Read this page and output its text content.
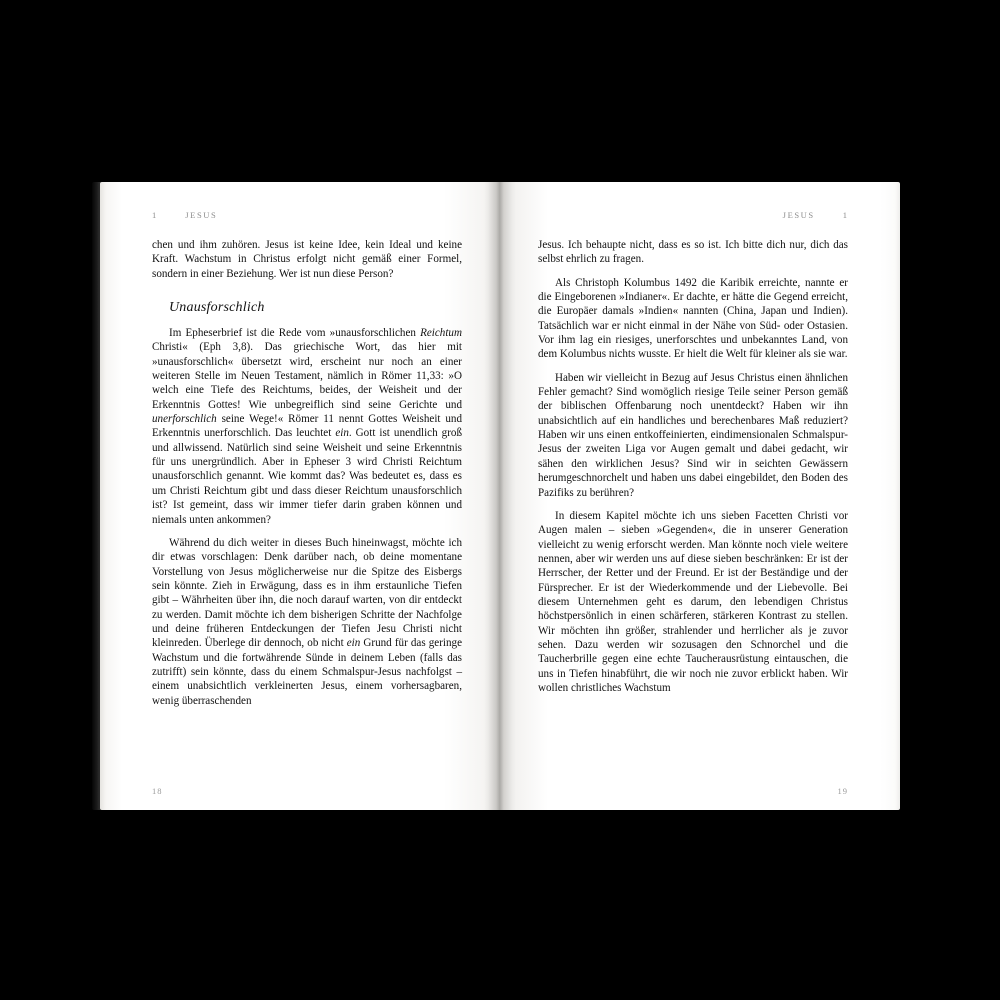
1	JESUS

chen und ihm zuhören. Jesus ist keine Idee, kein Ideal und keine Kraft. Wachstum in Christus erfolgt nicht gemäß einer Formel, sondern in einer Beziehung. Wer ist nun diese Person?

Unausforschlich

Im Epheserbrief ist die Rede vom »unausforschlichen Reichtum Christi« (Eph 3,8). Das griechische Wort, das hier mit »unausforschlich« übersetzt wird, erscheint nur noch an einer weiteren Stelle im Neuen Testament, nämlich in Römer 11,33: »O welch eine Tiefe des Reichtums, beides, der Weisheit und der Erkenntnis Gottes! Wie unbegreiflich sind seine Gerichte und unerforschlich seine Wege!« Römer 11 nennt Gottes Weisheit und Erkenntnis unerforschlich. Das leuchtet ein. Gott ist unendlich groß und allwissend. Natürlich sind seine Weisheit und seine Erkenntnis für uns unergründlich. Aber in Epheser 3 wird Christi Reichtum unausforschlich genannt. Wie kommt das? Was bedeutet es, dass es um Christi Reichtum gibt und dass dieser Reichtum unausforschlich ist? Ist gemeint, dass wir immer tiefer darin graben können und niemals unten ankommen?

Während du dich weiter in dieses Buch hineinwagst, möchte ich dir etwas vorschlagen: Denk darüber nach, ob deine momentane Vorstellung von Jesus möglicherweise nur die Spitze des Eisbergs sein könnte. Zieh in Erwägung, dass es in ihm erstaunliche Tiefen gibt – Währheiten über ihn, die noch darauf warten, von dir entdeckt zu werden. Damit möchte ich dem bisherigen Schritte der Nachfolge und deine früheren Entdeckungen der Tiefen Jesu Christi nicht kleinreden. Überlege dir dennoch, ob nicht ein Grund für das geringe Wachstum und die fortwährende Sünde in deinem Leben (falls das zutrifft) sein könnte, dass du einem Schmalspur-Jesus nachfolgst – einem unabsichtlich verkleinerten Jesus, einem vorhersagbaren, wenig überraschenden

18
JESUS	1

Jesus. Ich behaupte nicht, dass es so ist. Ich bitte dich nur, dich das selbst ehrlich zu fragen.

Als Christoph Kolumbus 1492 die Karibik erreichte, nannte er die Eingeborenen »Indianer«. Er dachte, er hätte die Gegend erreicht, die Europäer damals »Indien« nannten (China, Japan und Indien). Tatsächlich war er nicht einmal in der Nähe von Süd- oder Ostasien. Vor ihm lag ein riesiges, unerforschtes und unbekanntes Land, von dem Kolumbus nichts wusste. Er hielt die Welt für kleiner als sie war.

Haben wir vielleicht in Bezug auf Jesus Christus einen ähnlichen Fehler gemacht? Sind womöglich riesige Teile seiner Person gemäß der biblischen Offenbarung noch unentdeckt? Haben wir ihn unabsichtlich auf ein handliches und berechenbares Maß reduziert? Haben wir uns einen entkoffeinierten, eindimensionalen Schmalspur-Jesus der zweiten Liga vor Augen gemalt und dabei gedacht, wir sähen den wirklichen Jesus? Sind wir in seichten Gewässern herumgeschnorchelt und haben uns dabei eingebildet, den Boden des Pazifiks zu berühren?

In diesem Kapitel möchte ich uns sieben Facetten Christi vor Augen malen – sieben »Gegenden«, die in unserer Generation vielleicht zu wenig erforscht werden. Man könnte noch viele weitere nennen, aber wir werden uns auf diese sieben beschränken: Er ist der Herrscher, der Retter und der Freund. Er ist der Beständige und der Fürsprecher. Er ist der Wiederkommende und der Liebevolle. Bei diesem Unternehmen geht es darum, den lebendigen Christus höchstpersönlich in einen schärferen, stärkeren Kontrast zu stellen. Wir möchten ihn größer, strahlender und herrlicher als je zuvor sehen. Dazu werden wir sozusagen den Schnorchel und die Taucherbrille gegen eine echte Taucherausrüstung eintauschen, die uns in Tiefen hinabführt, die wir noch nie zuvor erblickt haben. Wir wollen christliches Wachstum

19
